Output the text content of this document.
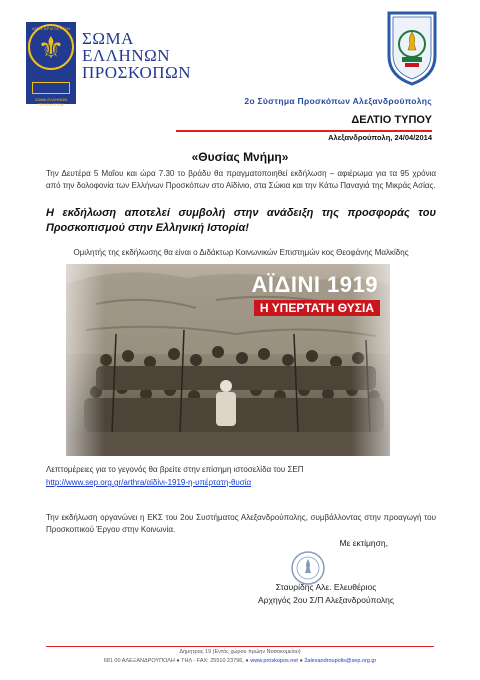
ΑΙΕΝ ΑΡΙΣΤΕΥΕΙΝ
⚜
ΣΩΜΑ ΕΛΛΗΝΩΝ ΠΡΟΣΚΟΠΩΝ
ΣΩΜΑ
ΕΛΛΗΝΩΝ
ΠΡΟΣΚΟΠΩΝ
2ο Σύστημα Προσκόπων Αλεξανδρούπολης
ΔΕΛΤΙΟ ΤΥΠΟΥ
Αλεξανδρούπολη, 24/04/2014
«Θυσίας Μνήμη»
Την Δευτέρα 5 Μαΐου και ώρα 7.30 το βράδυ θα πραγματοποιηθεί εκδήλωση – αφιέρωμα για τα 95 χρόνια από την δολοφονία των Ελλήνων Προσκόπων στο Αϊδίνιο, στα Σώκια και την Κάτω Παναγιά της Μικράς Ασίας.
Η εκδήλωση αποτελεί συμβολή στην ανάδειξη της προσφοράς του Προσκοπισμού στην Ελληνική Ιστορία!
Ομιλητής της εκδήλωσης θα είναι ο Διδάκτωρ Κοινωνικών Επιστημών κος Θεοφάνης Μαλκίδης
ΑΪΔΙΝΙ 1919
Η ΥΠΕΡΤΑΤΗ ΘΥΣΙΑ
Λεπτομέρειες για το γεγονός θα βρείτε στην επίσημη ιστοσελίδα του ΣΕΠ
http://www.sep.org.gr/arthra/αϊδίνι-1919-η-υπέρτατη-θυσία
Την εκδήλωση οργανώνει η ΕΚΣ του 2ου Συστήματος Αλεξανδρούπολης, συμβάλλοντας στην προαγωγή του Προσκοπικού Έργου στην Κοινωνία.
Με εκτίμηση,
Σταυρίδης Αλε. Ελευθέριος
Αρχηγός 2ου Σ/Π Αλεξανδρούπολης
Δήμητρας 19 (Εντός χώρου πρώην Νοσοκομείου)
681 00 ΑΛΕΞΑΝΔΡΟΥΠΟΛΗ ● ΤΗΛ - FAX: 25510 23796, ● www.proskopos.net ● 2alexandroupolis@sep.org.gr
